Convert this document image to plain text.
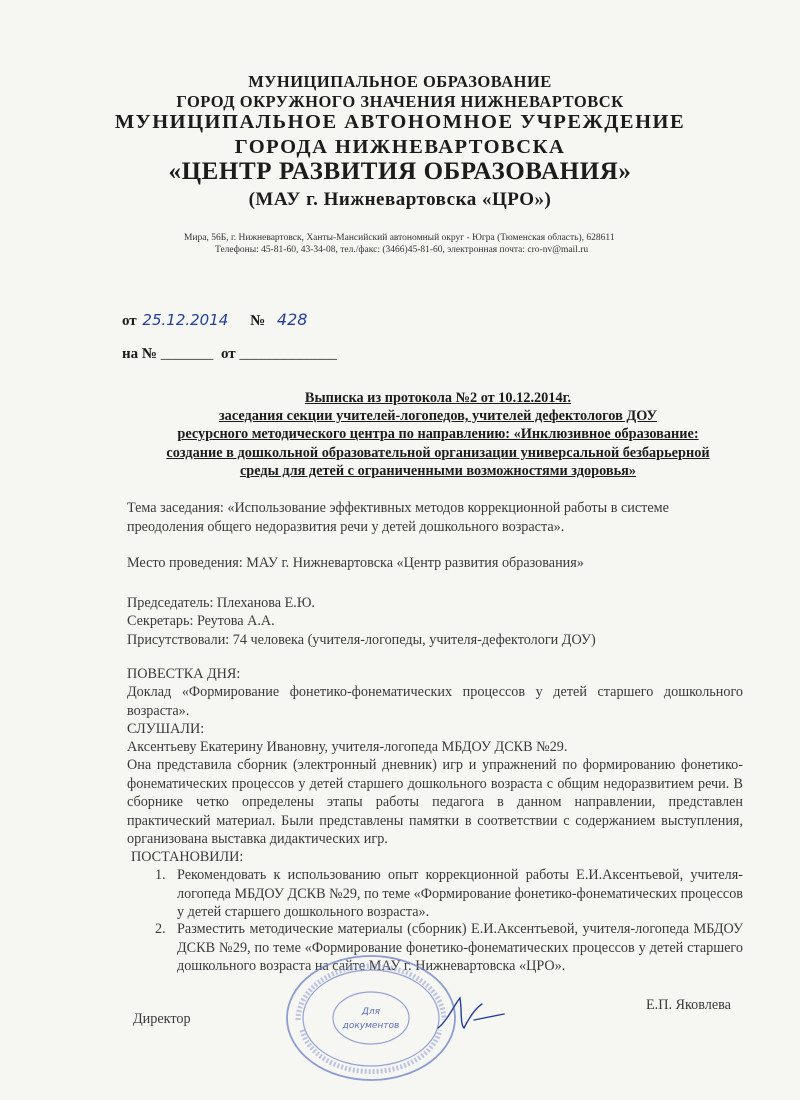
МУНИЦИПАЛЬНОЕ ОБРАЗОВАНИЕ
ГОРОД ОКРУЖНОГО ЗНАЧЕНИЯ НИЖНЕВАРТОВСК
МУНИЦИПАЛЬНОЕ АВТОНОМНОЕ УЧРЕЖДЕНИЕ
ГОРОДА НИЖНЕВАРТОВСКА
«ЦЕНТР РАЗВИТИЯ ОБРАЗОВАНИЯ»
(МАУ г. Нижневартовска «ЦРО»)
Мира, 56Б, г. Нижневартовск, Ханты-Мансийский автономный округ - Югра (Тюменская область), 628611
Телефоны: 45-81-60, 43-34-08, тел./факс: (3466)45-81-60, электронная почта: cro-nv@mail.ru
от 25.12.2014 № 428
на № _______ от _____________
Выписка из протокола №2 от 10.12.2014г.
заседания секции учителей-логопедов, учителей дефектологов ДОУ
ресурсного методического центра по направлению: «Инклюзивное образование:
создание в дошкольной образовательной организации универсальной безбарьерной
среды для детей с ограниченными возможностями здоровья»
Тема заседания: «Использование эффективных методов коррекционной работы в системе
преодоления общего недоразвития речи у детей дошкольного возраста».
Место проведения: МАУ г. Нижневартовска «Центр развития образования»
Председатель: Плеханова Е.Ю.
Секретарь: Реутова А.А.
Присутствовали: 74 человека (учителя-логопеды, учителя-дефектологи ДОУ)
ПОВЕСТКА ДНЯ:
Доклад «Формирование фонетико-фонематических процессов у детей старшего дошкольного возраста».
СЛУШАЛИ:
Аксентьеву Екатерину Ивановну, учителя-логопеда МБДОУ ДСКВ №29.
Она представила сборник (электронный дневник) игр и упражнений по формированию фонетико-фонематических процессов у детей старшего дошкольного возраста с общим недоразвитием речи. В сборнике четко определены этапы работы педагога в данном направлении, представлен практический материал. Были представлены памятки в соответствии с содержанием выступления, организована выставка дидактических игр.
ПОСТАНОВИЛИ:
1. Рекомендовать к использованию опыт коррекционной работы Е.И.Аксентьевой, учителя-логопеда МБДОУ ДСКВ №29, по теме «Формирование фонетико-фонематических процессов у детей старшего дошкольного возраста».
2. Разместить методические материалы (сборник) Е.И.Аксентьевой, учителя-логопеда МБДОУ ДСКВ №29, по теме «Формирование фонетико-фонематических процессов у детей старшего дошкольного возраста на сайте МАУ г. Нижневартовска «ЦРО».
Для
документов
Директор
Е.П. Яковлева
